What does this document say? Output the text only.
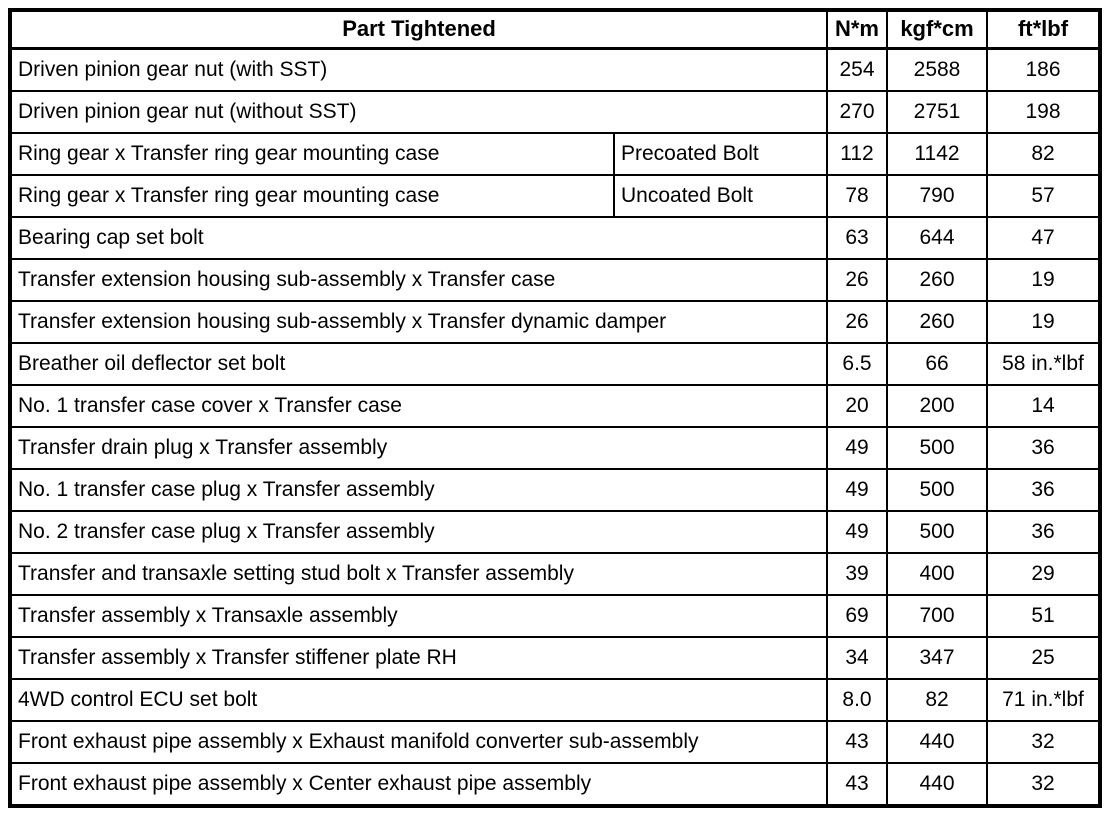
Part Tightened		N*m	kgf*cm	ft*lbf
Driven pinion gear nut (with SST)		254	2588	186
Driven pinion gear nut (without SST)		270	2751	198
Ring gear x Transfer ring gear mounting case	Precoated Bolt	112	1142	82
Ring gear x Transfer ring gear mounting case	Uncoated Bolt	78	790	57
Bearing cap set bolt		63	644	47
Transfer extension housing sub-assembly x Transfer case		26	260	19
Transfer extension housing sub-assembly x Transfer dynamic damper		26	260	19
Breather oil deflector set bolt		6.5	66	58 in.*lbf
No. 1 transfer case cover x Transfer case		20	200	14
Transfer drain plug x Transfer assembly		49	500	36
No. 1 transfer case plug x Transfer assembly		49	500	36
No. 2 transfer case plug x Transfer assembly		49	500	36
Transfer and transaxle setting stud bolt x Transfer assembly		39	400	29
Transfer assembly x Transaxle assembly		69	700	51
Transfer assembly x Transfer stiffener plate RH		34	347	25
4WD control ECU set bolt		8.0	82	71 in.*lbf
Front exhaust pipe assembly x Exhaust manifold converter sub-assembly		43	440	32
Front exhaust pipe assembly x Center exhaust pipe assembly		43	440	32
